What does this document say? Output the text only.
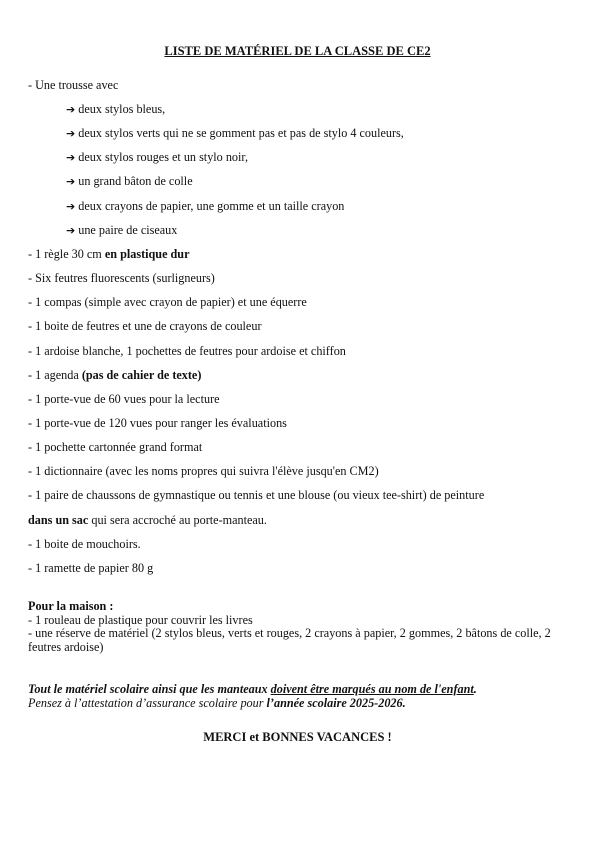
LISTE DE MATÉRIEL DE LA CLASSE DE CE2
- Une trousse avec
➔ deux stylos bleus,
➔ deux stylos verts qui ne se gomment pas et pas de stylo 4 couleurs,
➔ deux stylos rouges et un stylo noir,
➔ un grand bâton de colle
➔ deux crayons de papier, une gomme et un taille crayon
➔ une paire de ciseaux
- 1 règle 30 cm en plastique dur
- Six feutres fluorescents (surligneurs)
- 1 compas (simple avec crayon de papier) et une équerre
- 1 boite de feutres et une de crayons de couleur
- 1 ardoise blanche, 1 pochettes de feutres pour ardoise et chiffon
- 1 agenda (pas de cahier de texte)
- 1 porte-vue de 60 vues pour la lecture
- 1 porte-vue de 120 vues pour ranger les évaluations
- 1 pochette cartonnée grand format
- 1 dictionnaire (avec les noms propres qui suivra l'élève jusqu'en CM2)
- 1 paire de chaussons de gymnastique ou tennis et une blouse (ou vieux tee-shirt) de peinture
dans un sac qui sera accroché au porte-manteau.
- 1 boite de mouchoirs.
- 1 ramette de papier 80 g
Pour la maison :
- 1 rouleau de plastique pour couvrir les livres
- une réserve de matériel (2 stylos bleus, verts et rouges, 2 crayons à papier, 2 gommes, 2 bâtons de colle, 2 feutres ardoise)
Tout le matériel scolaire ainsi que les manteaux doivent être marqués au nom de l'enfant.
Pensez à l’attestation d’assurance scolaire pour l’année scolaire 2025-2026.
MERCI et BONNES VACANCES !
